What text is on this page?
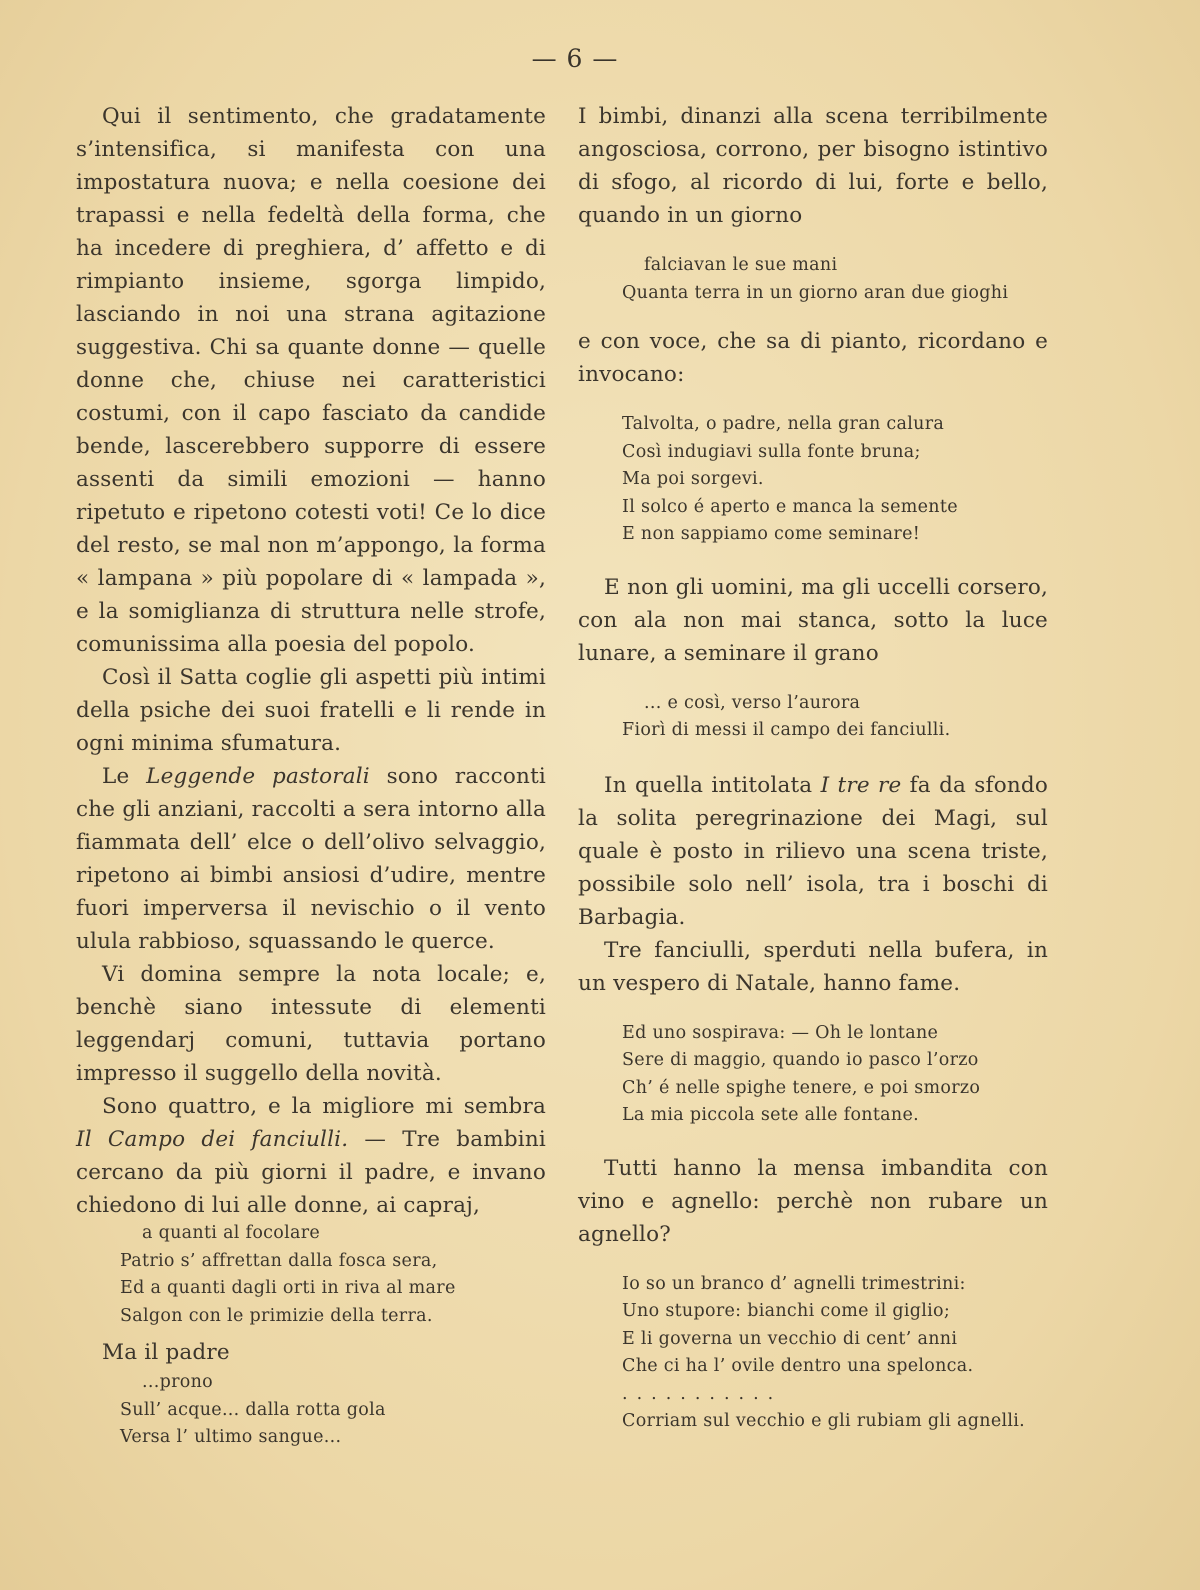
— 6 —

Qui il sentimento, che gradatamente s’intensifica, si manifesta con una impostatura nuova; e nella coesione dei trapassi e nella fedeltà della forma, che ha incedere di preghiera, d’ affetto e di rimpianto insieme, sgorga limpido, lasciando in noi una strana agitazione suggestiva. Chi sa quante donne — quelle donne che, chiuse nei caratteristici costumi, con il capo fasciato da candide bende, lascerebbero supporre di essere assenti da simili emozioni — hanno ripetuto e ripetono cotesti voti! Ce lo dice del resto, se mal non m’appongo, la forma « lampana » più popolare di « lampada », e la somiglianza di struttura nelle strofe, comunissima alla poesia del popolo.

Così il Satta coglie gli aspetti più intimi della psiche dei suoi fratelli e li rende in ogni minima sfumatura.

Le Leggende pastorali sono racconti che gli anziani, raccolti a sera intorno alla fiammata dell’ elce o dell’olivo selvaggio, ripetono ai bimbi ansiosi d’udire, mentre fuori imperversa il nevischio o il vento ulula rabbioso, squassando le querce.

Vi domina sempre la nota locale; e, benchè siano intessute di elementi leggendarj comuni, tuttavia portano impresso il suggello della novità.

Sono quattro, e la migliore mi sembra Il Campo dei fanciulli. — Tre bambini cercano da più giorni il padre, e invano chiedono di lui alle donne, ai capraj,

a quanti al focolare
Patrio s’ affrettan dalla fosca sera,
Ed a quanti dagli orti in riva al mare
Salgon con le primizie della terra.

Ma il padre

...prono
Sull’ acque... dalla rotta gola
Versa l’ ultimo sangue...

I bimbi, dinanzi alla scena terribilmente angosciosa, corrono, per bisogno istintivo di sfogo, al ricordo di lui, forte e bello, quando in un giorno

falciavan le sue mani
Quanta terra in un giorno aran due gioghi

e con voce, che sa di pianto, ricordano e invocano:

Talvolta, o padre, nella gran calura
Così indugiavi sulla fonte bruna;
Ma poi sorgevi.
Il solco é aperto e manca la semente
E non sappiamo come seminare!

E non gli uomini, ma gli uccelli corsero, con ala non mai stanca, sotto la luce lunare, a seminare il grano

... e così, verso l’aurora
Fiorì di messi il campo dei fanciulli.

In quella intitolata I tre re fa da sfondo la solita peregrinazione dei Magi, sul quale è posto in rilievo una scena triste, possibile solo nell’ isola, tra i boschi di Barbagia.

Tre fanciulli, sperduti nella bufera, in un vespero di Natale, hanno fame.

Ed uno sospirava: — Oh le lontane
Sere di maggio, quando io pasco l’orzo
Ch’ é nelle spighe tenere, e poi smorzo
La mia piccola sete alle fontane.

Tutti hanno la mensa imbandita con vino e agnello: perchè non rubare un agnello?

Io so un branco d’ agnelli trimestrini:
Uno stupore: bianchi come il giglio;
E li governa un vecchio di cent’ anni
Che ci ha l’ ovile dentro una spelonca.
...........
Corriam sul vecchio e gli rubiam gli agnelli.
